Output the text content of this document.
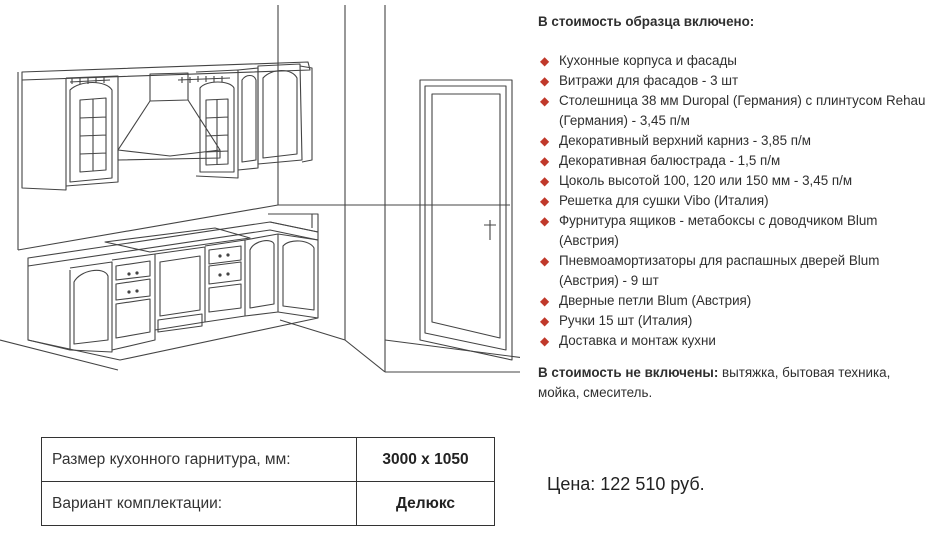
В стоимость образца включено:
◆ Кухонные корпуса и фасады
◆ Витражи для фасадов - 3 шт
◆ Столешница 38 мм Duropal (Германия) с плинтусом Rehau (Германия) - 3,45 п/м
◆ Декоративный верхний карниз - 3,85 п/м
◆ Декоративная балюстрада - 1,5 п/м
◆ Цоколь высотой 100, 120 или 150 мм - 3,45 п/м
◆ Решетка для сушки Vibo (Италия)
◆ Фурнитура ящиков - метабоксы с доводчиком Blum (Австрия)
◆ Пневмоамортизаторы для распашных дверей Blum (Австрия) - 9 шт
◆ Дверные петли Blum (Австрия)
◆ Ручки 15 шт (Италия)
◆ Доставка и монтаж кухни
В стоимость не включены: вытяжка, бытовая техника, мойка, смеситель.
Размер кухонного гарнитура, мм:	3000 х 1050
Вариант комплектации:	Делюкс
Цена: 122 510 руб.
